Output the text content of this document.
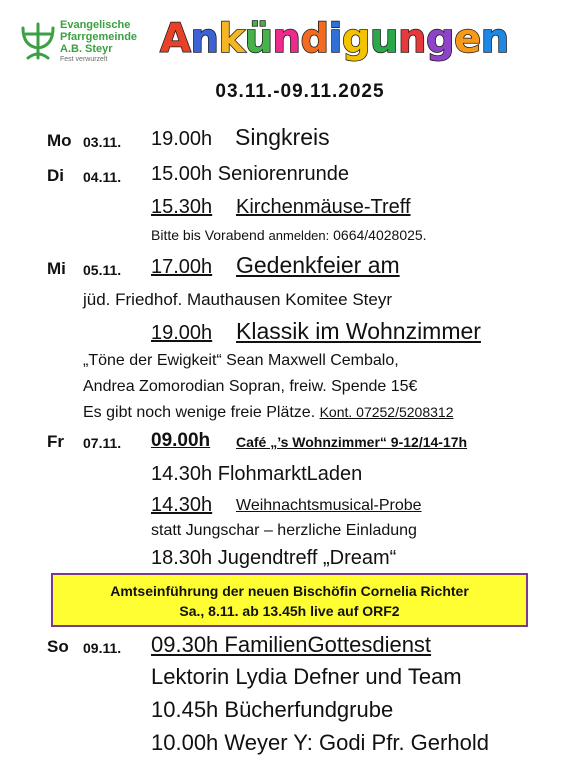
Evangelische
Pfarrgemeinde
A.B. Steyr
Fest verwurzelt	Ankündigungen
03.11.-09.11.2025
Mo 03.11. 19.00h Singkreis
Di 04.11. 15.00h Seniorenrunde
15.30h Kirchenmäuse-Treff
Bitte bis Vorabend anmelden: 0664/4028025.
Mi 05.11. 17.00h Gedenkfeier am
jüd. Friedhof. Mauthausen Komitee Steyr
19.00h Klassik im Wohnzimmer
„Töne der Ewigkeit“ Sean Maxwell Cembalo,
Andrea Zomorodian Sopran, freiw. Spende 15€
Es gibt noch wenige freie Plätze. Kont. 07252/5208312
Fr 07.11. 09.00h Café „’s Wohnzimmer“ 9-12/14-17h
14.30h FlohmarktLaden
14.30h Weihnachtsmusical-Probe
statt Jungschar – herzliche Einladung
18.30h Jugendtreff „Dream“
Amtseinführung der neuen Bischöfin Cornelia Richter
Sa., 8.11. ab 13.45h live auf ORF2
So 09.11. 09.30h FamilienGottesdienst
Lektorin Lydia Defner und Team
10.45h Bücherfundgrube
10.00h Weyer Y: Godi Pfr. Gerhold
